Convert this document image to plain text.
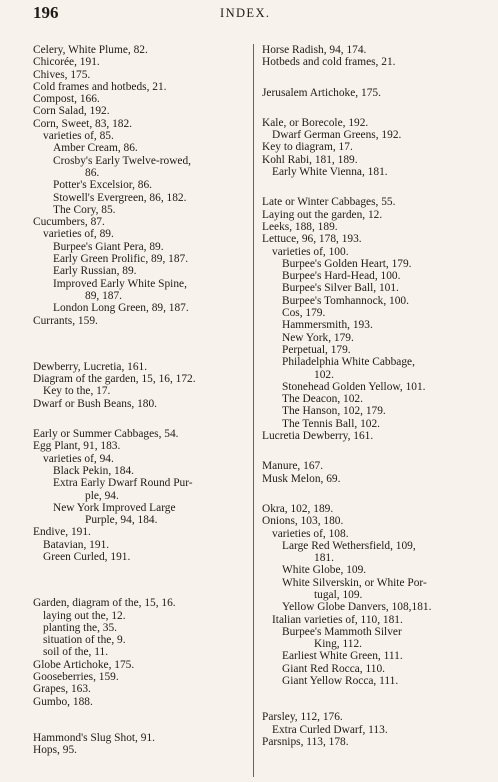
196	INDEX.
Celery, White Plume, 82.
Chicorée, 191.
Chives, 175.
Cold frames and hotbeds, 21.
Compost, 166.
Corn Salad, 192.
Corn, Sweet, 83, 182.
varieties of, 85.
Amber Cream, 86.
Crosby's Early Twelve-rowed,
86.
Potter's Excelsior, 86.
Stowell's Evergreen, 86, 182.
The Cory, 85.
Cucumbers, 87.
varieties of, 89.
Burpee's Giant Pera, 89.
Early Green Prolific, 89, 187.
Early Russian, 89.
Improved Early White Spine,
89, 187.
London Long Green, 89, 187.
Currants, 159.
Dewberry, Lucretia, 161.
Diagram of the garden, 15, 16, 172.
Key to the, 17.
Dwarf or Bush Beans, 180.
Early or Summer Cabbages, 54.
Egg Plant, 91, 183.
varieties of, 94.
Black Pekin, 184.
Extra Early Dwarf Round Pur-
ple, 94.
New York Improved Large
Purple, 94, 184.
Endive, 191.
Batavian, 191.
Green Curled, 191.
Garden, diagram of the, 15, 16.
laying out the, 12.
planting the, 35.
situation of the, 9.
soil of the, 11.
Globe Artichoke, 175.
Gooseberries, 159.
Grapes, 163.
Gumbo, 188.
Hammond's Slug Shot, 91.
Hops, 95.
Horse Radish, 94, 174.
Hotbeds and cold frames, 21.
Jerusalem Artichoke, 175.
Kale, or Borecole, 192.
Dwarf German Greens, 192.
Key to diagram, 17.
Kohl Rabi, 181, 189.
Early White Vienna, 181.
Late or Winter Cabbages, 55.
Laying out the garden, 12.
Leeks, 188, 189.
Lettuce, 96, 178, 193.
varieties of, 100.
Burpee's Golden Heart, 179.
Burpee's Hard-Head, 100.
Burpee's Silver Ball, 101.
Burpee's Tomhannock, 100.
Cos, 179.
Hammersmith, 193.
New York, 179.
Perpetual, 179.
Philadelphia White Cabbage,
102.
Stonehead Golden Yellow, 101.
The Deacon, 102.
The Hanson, 102, 179.
The Tennis Ball, 102.
Lucretia Dewberry, 161.
Manure, 167.
Musk Melon, 69.
Okra, 102, 189.
Onions, 103, 180.
varieties of, 108.
Large Red Wethersfield, 109,
181.
White Globe, 109.
White Silverskin, or White Por-
tugal, 109.
Yellow Globe Danvers, 108,181.
Italian varieties of, 110, 181.
Burpee's Mammoth Silver
King, 112.
Earliest White Green, 111.
Giant Red Rocca, 110.
Giant Yellow Rocca, 111.
Parsley, 112, 176.
Extra Curled Dwarf, 113.
Parsnips, 113, 178.
